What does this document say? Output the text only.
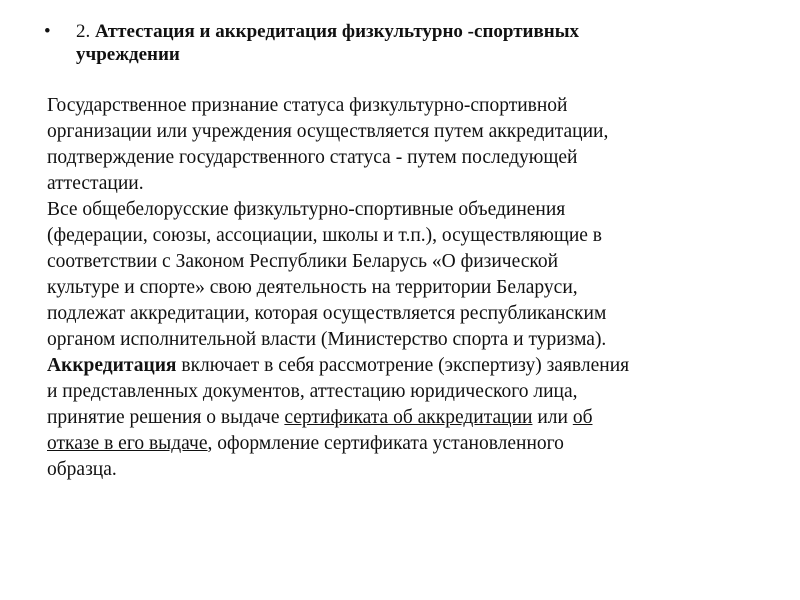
•	2. Аттестация и аккредитация физкультурно -спортивных
учреждении
Государственное признание статуса физкультурно-спортивной
организации или учреждения осуществляется путем аккредитации,
подтверждение государственного статуса - путем последующей
аттестации.
Все общебелорусские физкультурно-спортивные объединения
(федерации, союзы, ассоциации, школы и т.п.), осуществляющие в
соответствии с Законом Республики Беларусь «О физической
культуре и спорте» свою деятельность на территории Беларуси,
подлежат аккредитации, которая осуществляется республиканским
органом исполнительной власти (Министерство спорта и туризма).
Аккредитация включает в себя рассмотрение (экспертизу) заявления
и представленных документов, аттестацию юридического лица,
принятие решения о выдаче сертификата об аккредитации или об
отказе в его выдаче, оформление сертификата установленного
образца.
